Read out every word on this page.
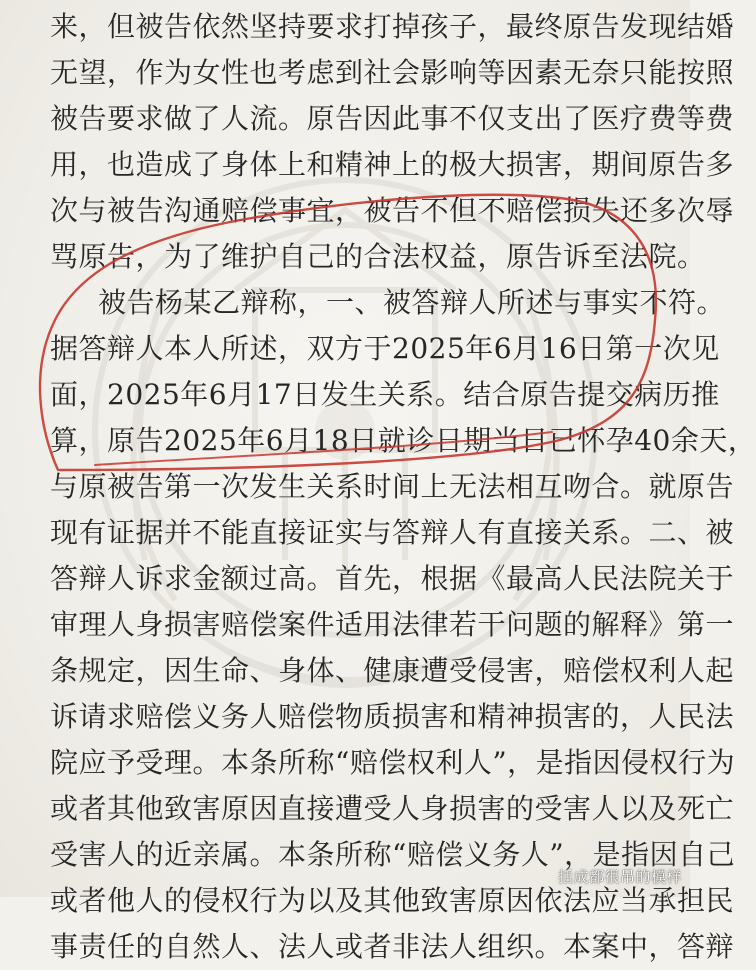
来，但被告依然坚持要求打掉孩子，最终原告发现结婚
无望，作为女性也考虑到社会影响等因素无奈只能按照
被告要求做了人流。原告因此事不仅支出了医疗费等费
用，也造成了身体上和精神上的极大损害，期间原告多
次与被告沟通赔偿事宜，被告不但不赔偿损失还多次辱
骂原告，为了维护自己的合法权益，原告诉至法院。
被告杨某乙辩称，一、被答辩人所述与事实不符。
据答辩人本人所述，双方于2025年6月16日第一次见
面，2025年6月17日发生关系。结合原告提交病历推
算，原告2025年6月18日就诊日期当日已怀孕40余天，
与原被告第一次发生关系时间上无法相互吻合。就原告
现有证据并不能直接证实与答辩人有直接关系。二、被
答辩人诉求金额过高。首先，根据《最高人民法院关于
审理人身损害赔偿案件适用法律若干问题的解释》第一
条规定，因生命、身体、健康遭受侵害，赔偿权利人起
诉请求赔偿义务人赔偿物质损害和精神损害的，人民法
院应予受理。本条所称“赔偿权利人”，是指因侵权行为
或者其他致害原因直接遭受人身损害的受害人以及死亡
受害人的近亲属。本条所称“赔偿义务人”，是指因自己
或者他人的侵权行为以及其他致害原因依法应当承担民
事责任的自然人、法人或者非法人组织。本案中，答辩
括成都很吊的模样
